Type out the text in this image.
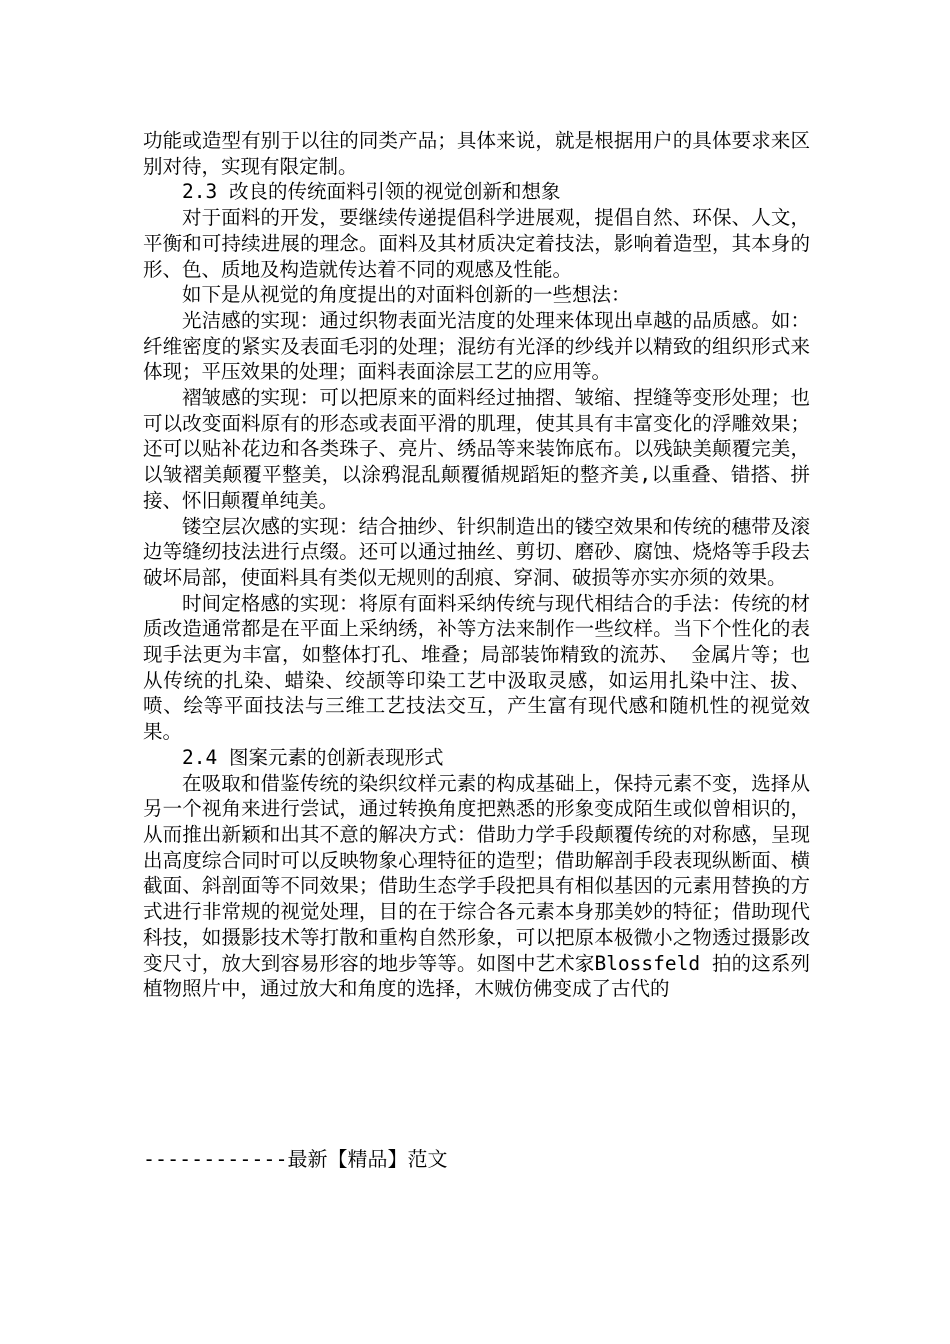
功能或造型有别于以往的同类产品；具体来说，就是根据用户的具体要求来区别对待，实现有限定制。

2.3 改良的传统面料引领的视觉创新和想象

对于面料的开发，要继续传递提倡科学进展观，提倡自然、环保、人文，平衡和可持续进展的理念。面料及其材质决定着技法，影响着造型，其本身的形、色、质地及构造就传达着不同的观感及性能。

如下是从视觉的角度提出的对面料创新的一些想法：

光洁感的实现：通过织物表面光洁度的处理来体现出卓越的品质感。如：纤维密度的紧实及表面毛羽的处理；混纺有光泽的纱线并以精致的组织形式来体现；平压效果的处理；面料表面涂层工艺的应用等。

褶皱感的实现：可以把原来的面料经过抽摺、皱缩、捏缝等变形处理；也可以改变面料原有的形态或表面平滑的肌理，使其具有丰富变化的浮雕效果；还可以贴补花边和各类珠子、亮片、绣品等来装饰底布。以残缺美颠覆完美，以皱褶美颠覆平整美，以涂鸦混乱颠覆循规蹈矩的整齐美,以重叠、错搭、拼接、怀旧颠覆单纯美。

镂空层次感的实现：结合抽纱、针织制造出的镂空效果和传统的穗带及滚边等缝纫技法进行点缀。还可以通过抽丝、剪切、磨砂、腐蚀、烧烙等手段去破坏局部，使面料具有类似无规则的刮痕、穿洞、破损等亦实亦须的效果。

时间定格感的实现：将原有面料采纳传统与现代相结合的手法：传统的材质改造通常都是在平面上采纳绣，补等方法来制作一些纹样。当下个性化的表现手法更为丰富，如整体打孔、堆叠；局部装饰精致的流苏、 金属片等；也从传统的扎染、蜡染、绞颉等印染工艺中汲取灵感，如运用扎染中注、拔、喷、绘等平面技法与三维工艺技法交互，产生富有现代感和随机性的视觉效果。

2.4 图案元素的创新表现形式

在吸取和借鉴传统的染织纹样元素的构成基础上，保持元素不变，选择从另一个视角来进行尝试，通过转换角度把熟悉的形象变成陌生或似曾相识的，从而推出新颖和出其不意的解决方式：借助力学手段颠覆传统的对称感，呈现出高度综合同时可以反映物象心理特征的造型；借助解剖手段表现纵断面、横截面、斜剖面等不同效果；借助生态学手段把具有相似基因的元素用替换的方式进行非常规的视觉处理，目的在于综合各元素本身那美妙的特征；借助现代科技，如摄影技术等打散和重构自然形象，可以把原本极微小之物透过摄影改变尺寸，放大到容易形容的地步等等。如图中艺术家Blossfeld 拍的这系列植物照片中，通过放大和角度的选择，木贼仿佛变成了古代的

------------最新【精品】范文
